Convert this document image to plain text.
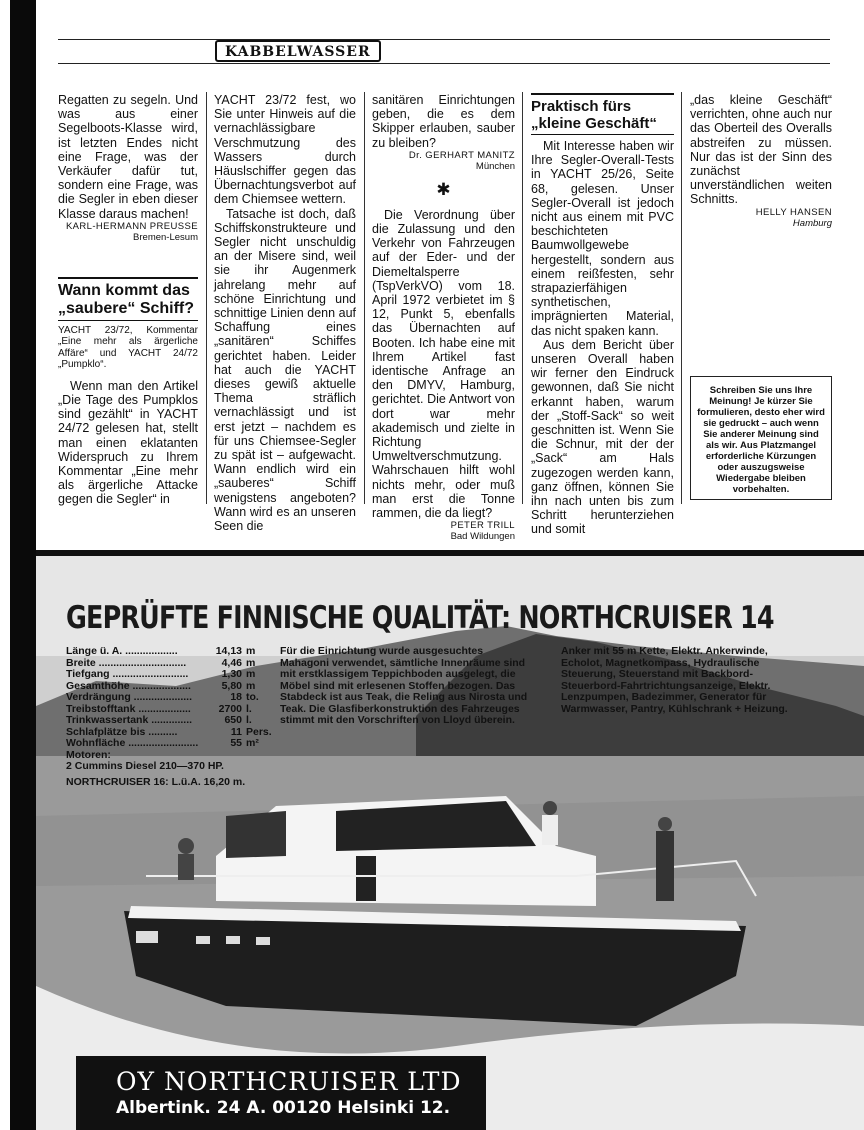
KABBELWASSER

Regatten zu segeln. Und was aus einer Segelboots-Klasse wird, ist letzten Endes nicht eine Frage, was der Verkäufer dafür tut, sondern eine Frage, was die Segler in eben dieser Klasse daraus machen!

KARL-HERMANN PREUSSE
Bremen-Lesum
Wann kommt das „saubere“ Schiff?
YACHT 23/72, Kommentar „Eine mehr als ärgerliche Affäre“ und YACHT 24/72 „Pumpklo“.

Wenn man den Artikel „Die Tage des Pumpklos sind gezählt“ in YACHT 24/72 gelesen hat, stellt man einen eklatanten Widerspruch zu Ihrem Kommentar „Eine mehr als ärgerliche Attacke gegen die Segler“ in

YACHT 23/72 fest, wo Sie unter Hinweis auf die vernachlässigbare Verschmutzung des Wassers durch Häuslschiffer gegen das Übernachtungsverbot auf dem Chiemsee wettern.

Tatsache ist doch, daß Schiffskonstrukteure und Segler nicht unschuldig an der Misere sind, weil sie ihr Augenmerk jahrelang mehr auf schöne Einrichtung und schnittige Linien denn auf Schaffung eines „sanitären“ Schiffes gerichtet haben. Leider hat auch die YACHT dieses gewiß aktuelle Thema sträflich vernachlässigt und ist erst jetzt – nachdem es für uns Chiemsee-Segler zu spät ist – aufgewacht. Wann endlich wird ein „sauberes“ Schiff wenigstens angeboten? Wann wird es an unseren Seen die

sanitären Einrichtungen geben, die es dem Skipper erlauben, sauber zu bleiben?

Dr. GERHART MANITZ
München
✱

Die Verordnung über die Zulassung und den Verkehr von Fahrzeugen auf der Eder- und der Diemeltalsperre (TspVerkVO) vom 18. April 1972 verbietet im § 12, Punkt 5, ebenfalls das Übernachten auf Booten. Ich habe eine mit Ihrem Artikel fast identische Anfrage an den DMYV, Hamburg, gerichtet. Die Antwort von dort war mehr akademisch und zielte in Richtung Umweltverschmutzung. Wahrschauen hilft wohl nichts mehr, oder muß man erst die Tonne rammen, die da liegt?

PETER TRILL
Bad Wildungen
Praktisch fürs „kleine Geschäft“

Mit Interesse haben wir Ihre Segler-Overall-Tests in YACHT 25/26, Seite 68, gelesen. Unser Segler-Overall ist jedoch nicht aus einem mit PVC beschichteten Baumwollgewebe hergestellt, sondern aus einem reißfesten, sehr strapazierfähigen synthetischen, imprägnierten Material, das nicht spaken kann.

Aus dem Bericht über unseren Overall haben wir ferner den Eindruck gewonnen, daß Sie nicht erkannt haben, warum der „Stoff-Sack“ so weit geschnitten ist. Wenn Sie die Schnur, mit der der „Sack“ am Hals zugezogen werden kann, ganz öffnen, können Sie ihn nach unten bis zum Schritt herunterziehen und somit

„das kleine Geschäft“ verrichten, ohne auch nur das Oberteil des Overalls abstreifen zu müssen. Nur das ist der Sinn des zunächst unverständlichen weiten Schnitts.

HELLY HANSEN
Hamburg
Schreiben Sie uns Ihre Meinung! Je kürzer Sie formulieren, desto eher wird sie gedruckt – auch wenn Sie anderer Meinung sind als wir. Aus Platzmangel erforderliche Kürzungen oder auszugsweise Wiedergabe bleiben vorbehalten.
GEPRÜFTE FINNISCHE QUALITÄT: NORTHCRUISER 14
Länge ü. A. ..................	14,13 m
Breite ..............................	4,46 m
Tiefgang ..........................	1,30 m
Gesamthöhe ....................	5,80 m
Verdrängung ....................	18 to.
Treibstofftank ..................	2700 l.
Trinkwassertank ..............	650 l.
Schlafplätze bis ..........	11 Pers.
Wohnfläche ........................	55 m²
Motoren:
2 Cummins Diesel 210—370 HP.
NORTHCRUISER 16: L.ü.A. 16,20 m.
Für die Einrichtung wurde ausgesuchtes Mahagoni verwendet, sämtliche Innenräume sind mit erstklassigem Teppichboden ausgelegt, die Möbel sind mit erlesenen Stoffen bezogen. Das Stabdeck ist aus Teak, die Reling aus Nirosta und Teak. Die Glasfiberkonstruktion des Fahrzeuges stimmt mit den Vorschriften von Lloyd überein.
Anker mit 55 m Kette, Elektr. Ankerwinde, Echolot, Magnetkompass, Hydraulische Steuerung, Steuerstand mit Backbord-Steuerbord-Fahrtrichtungsanzeige, Elektr. Lenzpumpen, Badezimmer, Generator für Warmwasser, Pantry, Kühlschrank + Heizung.
OY NORTHCRUISER LTD
Albertink. 24 A. 00120 Helsinki 12.
